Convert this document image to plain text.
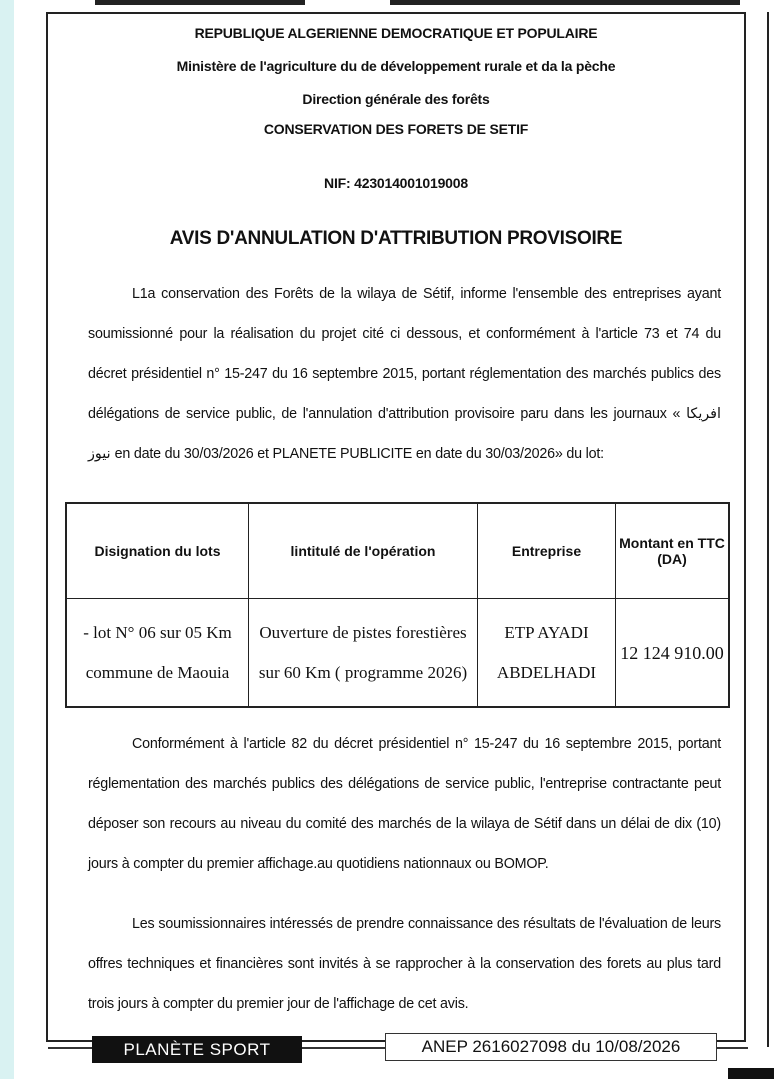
REPUBLIQUE ALGERIENNE DEMOCRATIQUE ET POPULAIRE
Ministère de l'agriculture du de développement rurale et da la pèche
Direction générale des forêts
CONSERVATION DES FORETS DE SETIF
NIF: 423014001019008
AVIS D'ANNULATION D'ATTRIBUTION PROVISOIRE
L1a conservation des Forêts de la wilaya de Sétif, informe l'ensemble des entreprises ayant soumissionné pour la réalisation du projet cité ci dessous, et conformément à l'article 73 et 74 du décret présidentiel n° 15-247 du 16 septembre 2015, portant réglementation des marchés publics des délégations de service public, de l'annulation d'attribution provisoire paru dans les journaux « افريكا نيوز en date du 30/03/2026 et PLANETE PUBLICITE en date du 30/03/2026» du lot:
Disignation du lots	lintitulé de l'opération	Entreprise	Montant en TTC (DA)
- lot N° 06 sur 05 Km commune de Maouia	Ouverture de pistes forestières sur 60 Km ( programme 2026)	ETP AYADI ABDELHADI	12 124 910.00
Conformément à l'article 82 du décret présidentiel n° 15-247 du 16 septembre 2015, portant réglementation des marchés publics des délégations de service public, l'entreprise contractante peut déposer son recours au niveau du comité des marchés de la wilaya de Sétif dans un délai de dix (10) jours à compter du premier affichage.au quotidiens nationnaux ou BOMOP.
Les soumissionnaires intéressés de prendre connaissance des résultats de l'évaluation de leurs offres techniques et financières sont invités à se rapprocher à la conservation des forets au plus tard trois jours à compter du premier jour de l'affichage de cet avis.
PLANÈTE SPORT	ANEP 2616027098 du 10/08/2026
